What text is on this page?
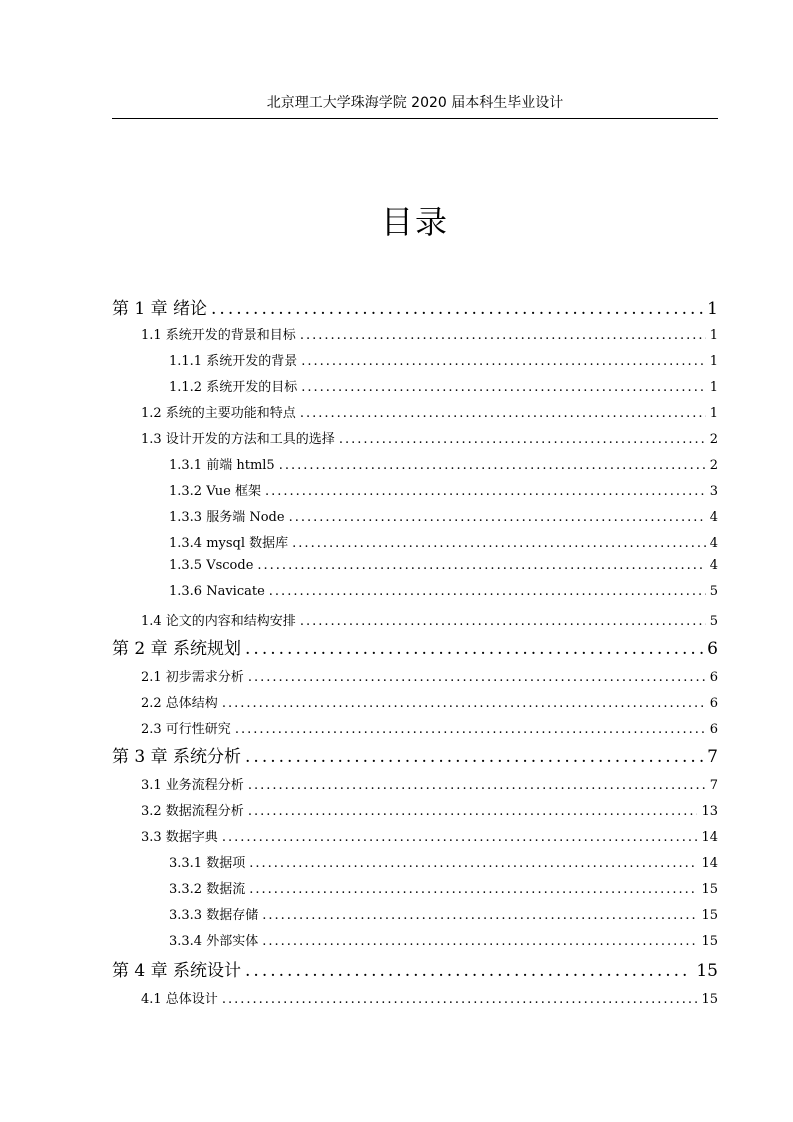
北京理工大学珠海学院 2020 届本科生毕业设计
目录
第 1 章 绪论 .....	1
1.1 系统开发的背景和目标 .....	1
1.1.1 系统开发的背景 .....	1
1.1.2 系统开发的目标 .....	1
1.2 系统的主要功能和特点 .....	1
1.3 设计开发的方法和工具的选择 .....	2
1.3.1 前端 html5 .....	2
1.3.2 Vue 框架 .....	3
1.3.3 服务端 Node .....	4
1.3.4 mysql 数据库 .....	4
1.3.5 Vscode .....	4
1.3.6 Navicate .....	5
1.4 论文的内容和结构安排 .....	5
第 2 章 系统规划 .....	6
2.1 初步需求分析 .....	6
2.2 总体结构 .....	6
2.3 可行性研究 .....	6
第 3 章 系统分析 .....	7
3.1 业务流程分析 .....	7
3.2 数据流程分析 .....	13
3.3 数据字典 .....	14
3.3.1 数据项 .....	14
3.3.2 数据流 .....	15
3.3.3 数据存储 .....	15
3.3.4 外部实体 .....	15
第 4 章 系统设计 .....	15
4.1 总体设计 .....	15
